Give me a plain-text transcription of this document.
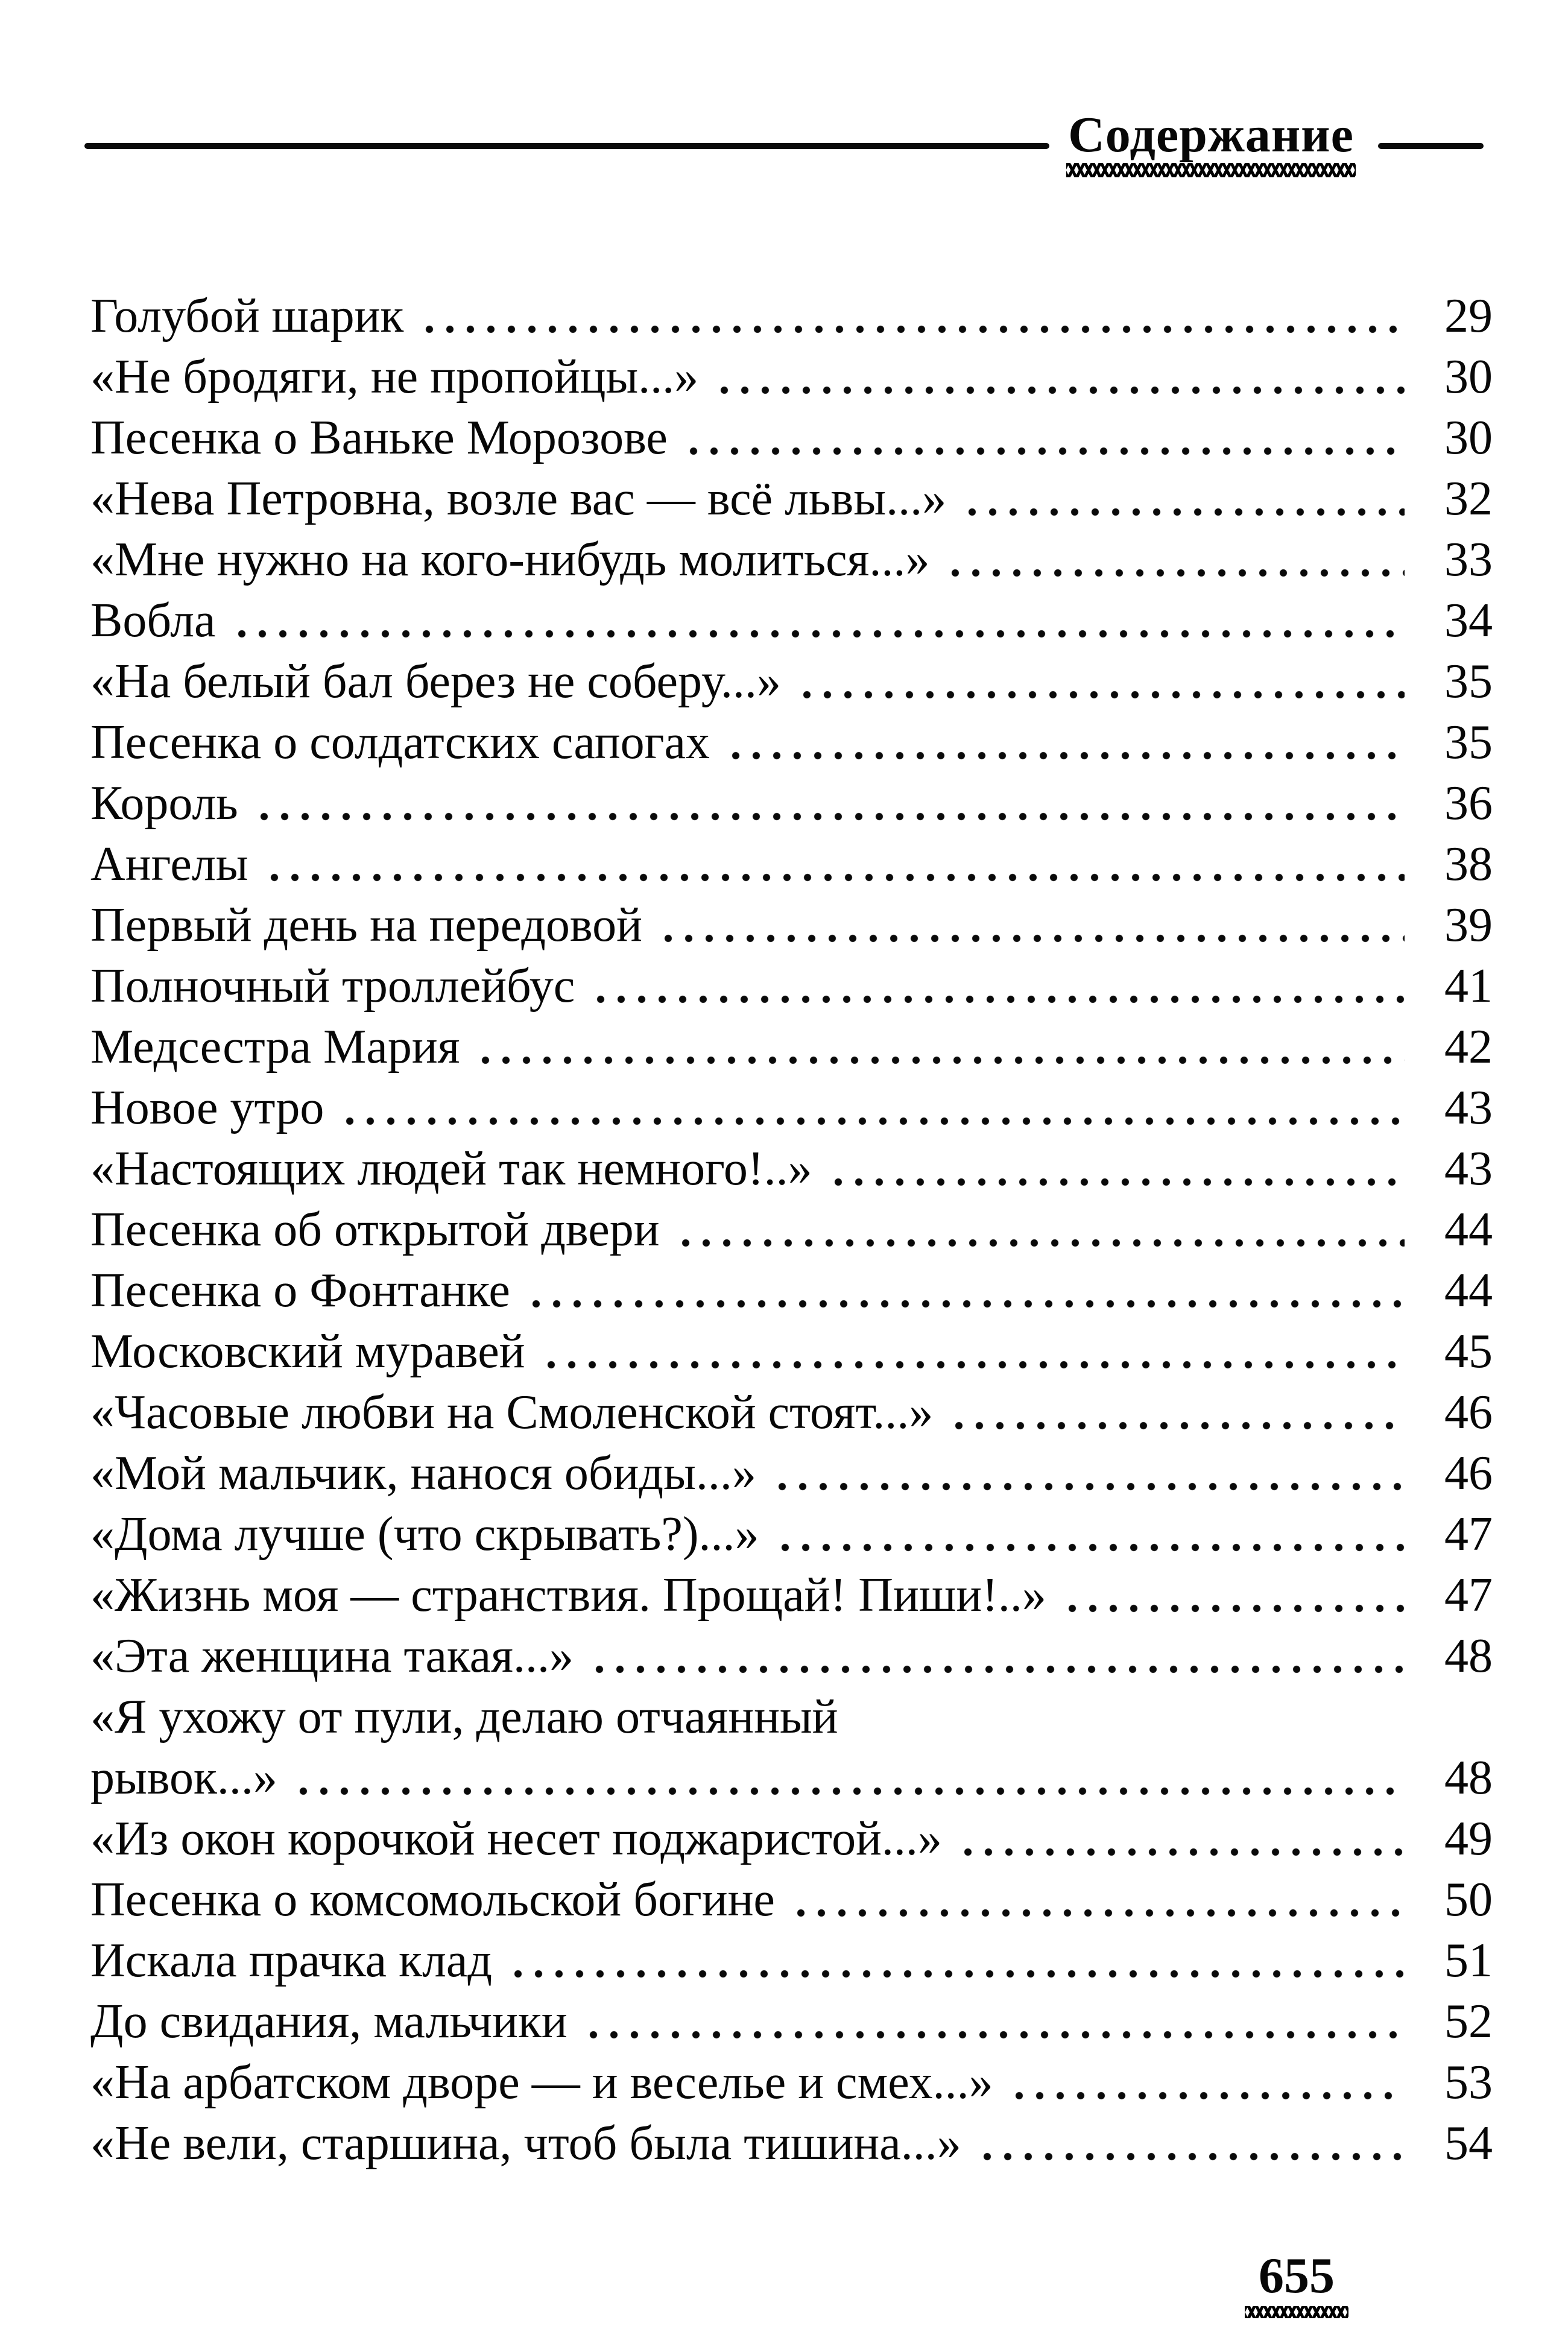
Содержание
Голубой шарик	29
«Не бродяги, не пропойцы...»	30
Песенка о Ваньке Морозове	30
«Нева Петровна, возле вас — всё львы...»	32
«Мне нужно на кого-нибудь молиться...»	33
Вобла	34
«На белый бал берез не соберу...»	35
Песенка о солдатских сапогах	35
Король	36
Ангелы	38
Первый день на передовой	39
Полночный троллейбус	41
Медсестра Мария	42
Новое утро	43
«Настоящих людей так немного!..»	43
Песенка об открытой двери	44
Песенка о Фонтанке	44
Московский муравей	45
«Часовые любви на Смоленской стоят...»	46
«Мой мальчик, нанося обиды...»	46
«Дома лучше (что скрывать?)...»	47
«Жизнь моя — странствия. Прощай! Пиши!..»	47
«Эта женщина такая...»	48
«Я ухожу от пули, делаю отчаянный
рывок...»	48
«Из окон корочкой несет поджаристой...»	49
Песенка о комсомольской богине	50
Искала прачка клад	51
До свидания, мальчики	52
«На арбатском дворе — и веселье и смех...»	53
«Не вели, старшина, чтоб была тишина...»	54
655
